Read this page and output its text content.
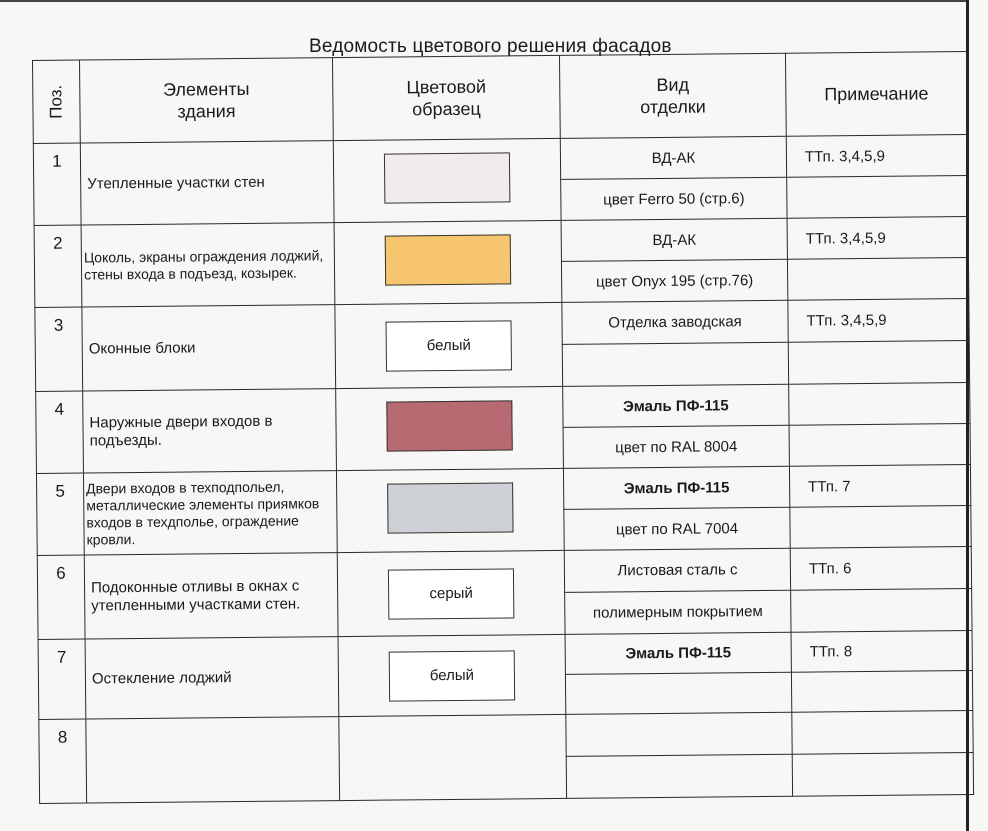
Ведомость цветового решения фасадов
Поз.	Элементы здания	Цветовой образец	Вид отделки	Примечание
1	Утепленные участки стен		ВД-АК	ТТп. 3,4,5,9
			цвет Ferro 50 (стр.6)	
2	Цоколь, экраны ограждения лоджий, стены входа в подъезд, козырек.		ВД-АК	ТТп. 3,4,5,9
			цвет Onyx 195 (стр.76)	
3	Оконные блоки	белый	Отделка заводская	ТТп. 3,4,5,9

4	Наружные двери входов в подъезды.		Эмаль ПФ-115	
			цвет по RAL 8004	
5	Двери входов в техподпольел, металлические элементы приямков входов в техдполье, ограждение кровли.		Эмаль ПФ-115	ТТп. 7
			цвет по RAL 7004	
6	Подоконные отливы в окнах с утепленными участками стен.	серый	Листовая сталь с	ТТп. 6
			полимерным покрытием	
7	Остекление лоджий	белый	Эмаль ПФ-115	ТТп. 8

8				
